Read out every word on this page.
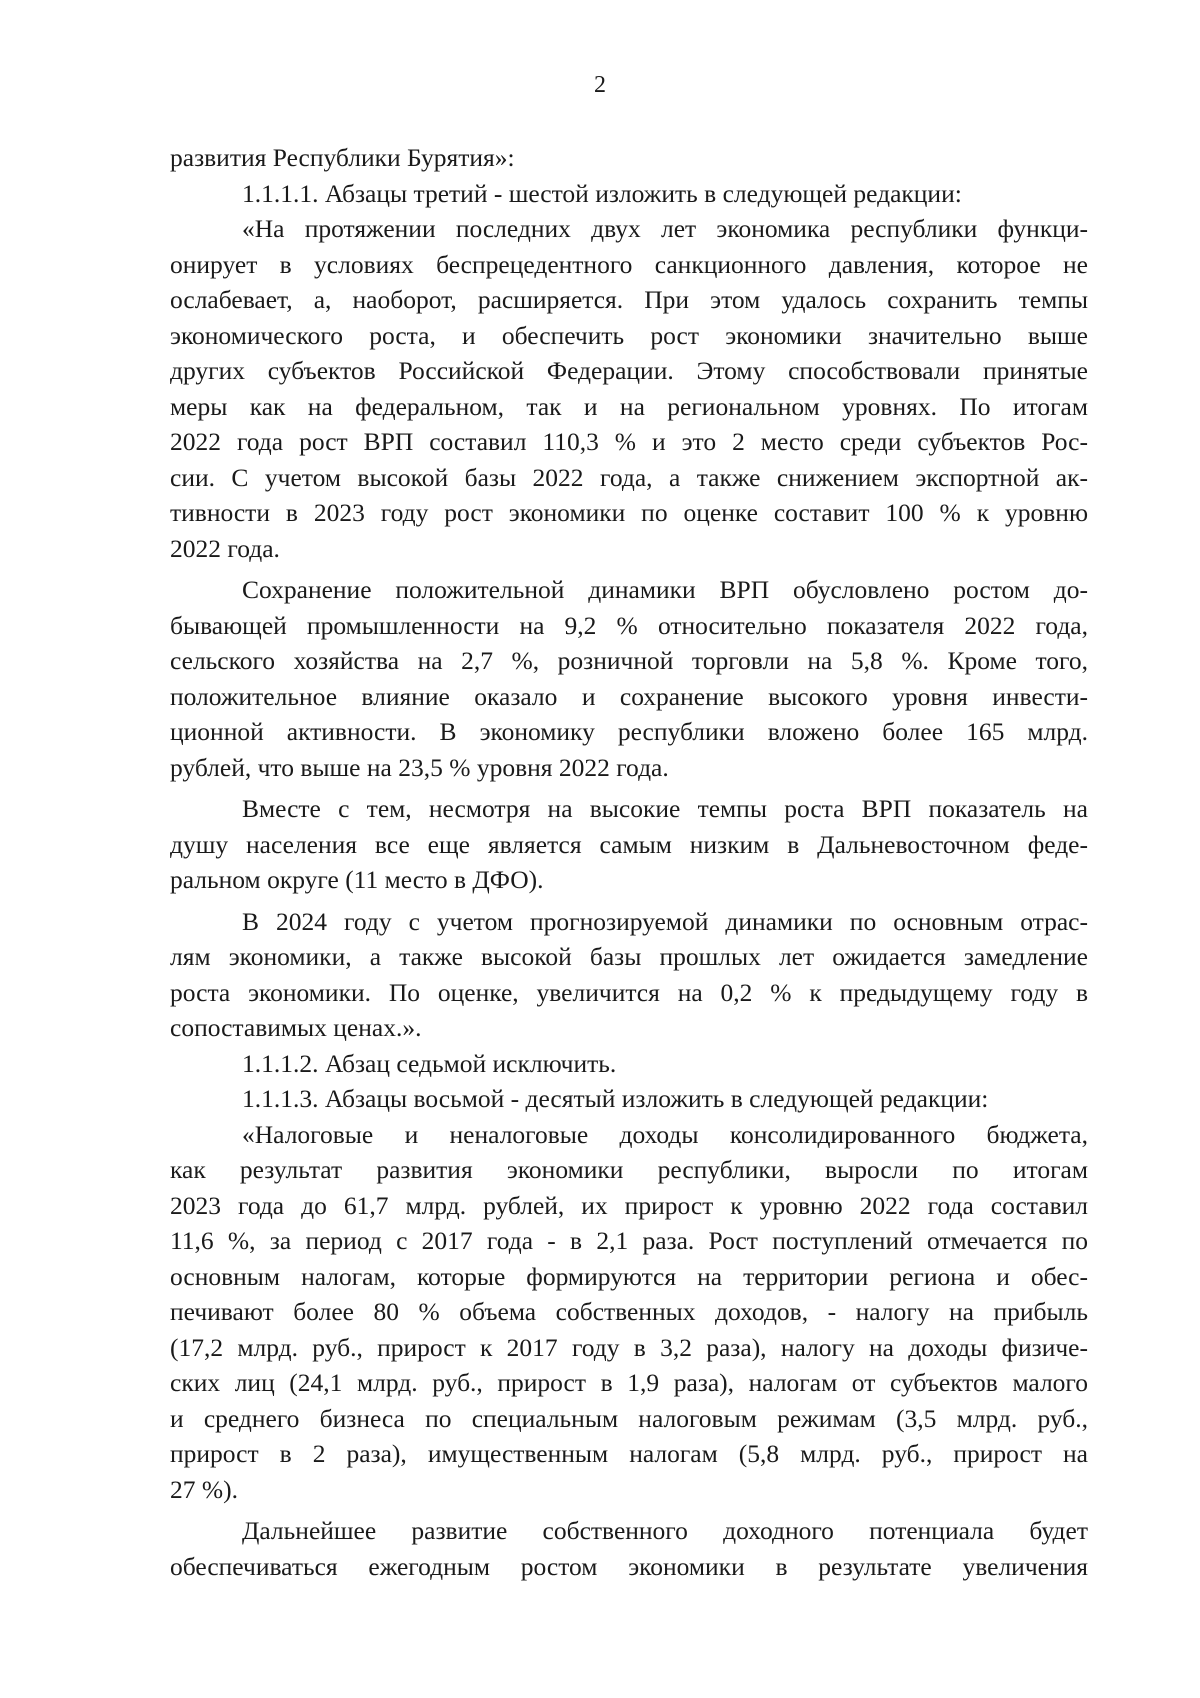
2
развития Республики Бурятия»:
1.1.1.1. Абзацы третий - шестой изложить в следующей редакции:
«На протяжении последних двух лет экономика республики функци-
онирует в условиях беспрецедентного санкционного давления, которое не
ослабевает, а, наоборот, расширяется. При этом удалось сохранить темпы
экономического роста, и обеспечить рост экономики значительно выше
других субъектов Российской Федерации. Этому способствовали принятые
меры как на федеральном, так и на региональном уровнях. По итогам
2022 года рост ВРП составил 110,3 % и это 2 место среди субъектов Рос-
сии. С учетом высокой базы 2022 года, а также снижением экспортной ак-
тивности в 2023 году рост экономики по оценке составит 100 % к уровню
2022 года.
Сохранение положительной динамики ВРП обусловлено ростом до-
бывающей промышленности на 9,2 % относительно показателя 2022 года,
сельского хозяйства на 2,7 %, розничной торговли на 5,8 %. Кроме того,
положительное влияние оказало и сохранение высокого уровня инвести-
ционной активности. В экономику республики вложено более 165 млрд.
рублей, что выше на 23,5 % уровня 2022 года.
Вместе с тем, несмотря на высокие темпы роста ВРП показатель на
душу населения все еще является самым низким в Дальневосточном феде-
ральном округе (11 место в ДФО).
В 2024 году с учетом прогнозируемой динамики по основным отрас-
лям экономики, а также высокой базы прошлых лет ожидается замедление
роста экономики. По оценке, увеличится на 0,2 % к предыдущему году в
сопоставимых ценах.».
1.1.1.2. Абзац седьмой исключить.
1.1.1.3. Абзацы восьмой - десятый изложить в следующей редакции:
«Налоговые и неналоговые доходы консолидированного бюджета,
как результат развития экономики республики, выросли по итогам
2023 года до 61,7 млрд. рублей, их прирост к уровню 2022 года составил
11,6 %, за период с 2017 года - в 2,1 раза. Рост поступлений отмечается по
основным налогам, которые формируются на территории региона и обес-
печивают более 80 % объема собственных доходов, - налогу на прибыль
(17,2 млрд. руб., прирост к 2017 году в 3,2 раза), налогу на доходы физиче-
ских лиц (24,1 млрд. руб., прирост в 1,9 раза), налогам от субъектов малого
и среднего бизнеса по специальным налоговым режимам (3,5 млрд. руб.,
прирост в 2 раза), имущественным налогам (5,8 млрд. руб., прирост на
27 %).
Дальнейшее развитие собственного доходного потенциала будет
обеспечиваться ежегодным ростом экономики в результате увеличения
